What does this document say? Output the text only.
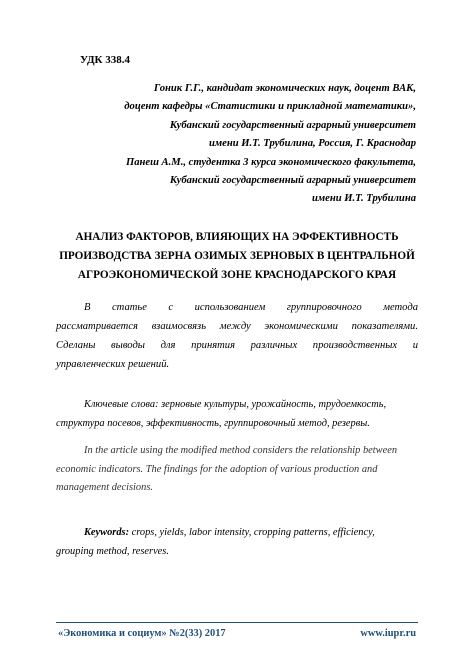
УДК 338.4
Гоник Г.Г., кандидат экономических наук, доцент ВАК,
доцент кафедры «Статистики и прикладной математики»,
Кубанский государственный аграрный университет
имени И.Т. Трубилина, Россия, Г. Краснодар
Панеш А.М., студентка 3 курса экономического факультета,
Кубанский государственный аграрный университет
имени И.Т. Трубилина
АНАЛИЗ ФАКТОРОВ, ВЛИЯЮЩИХ НА ЭФФЕКТИВНОСТЬ
ПРОИЗВОДСТВА ЗЕРНА ОЗИМЫХ ЗЕРНОВЫХ В ЦЕНТРАЛЬНОЙ
АГРОЭКОНОМИЧЕСКОЙ ЗОНЕ КРАСНОДАРСКОГО КРАЯ
В статье с использованием группировочного метода
рассматривается взаимосвязь между экономическими показателями.
Сделаны выводы для принятия различных производственных и
управленческих решений.
Ключевые слова: зерновые культуры, урожайность, трудоемкость,
структура посевов, эффективность, группировочный метод, резервы.
In the article using the modified method considers the relationship between
economic indicators. The findings for the adoption of various production and
management decisions.
Keywords: crops, yields, labor intensity, cropping patterns, efficiency,
grouping method, reserves.
«Экономика и социум» №2(33) 2017	www.iupr.ru
